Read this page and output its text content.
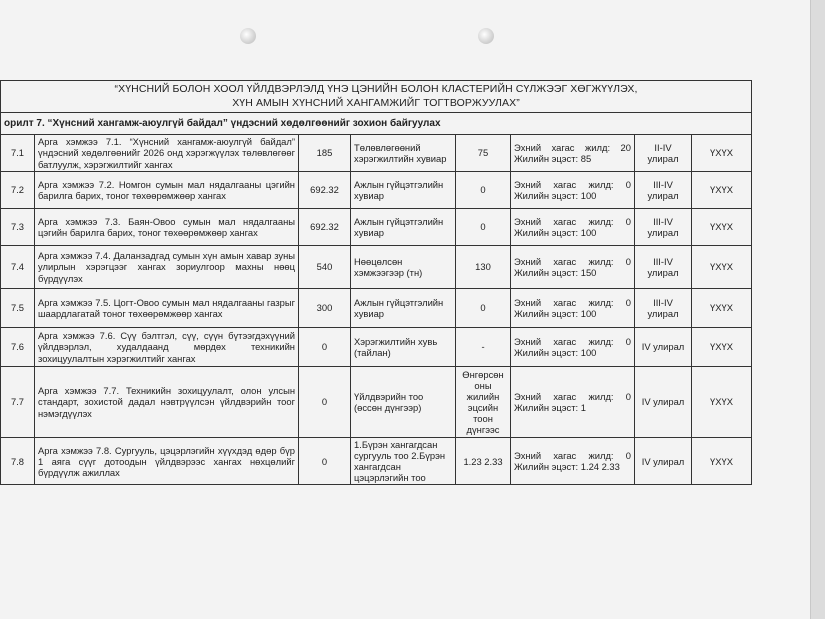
“ХҮНСНИЙ БОЛОН ХООЛ ҮЙЛДВЭРЛЭЛД ҮНЭ ЦЭНИЙН БОЛОН КЛАСТЕРИЙН СҮЛЖЭЭГ ХӨГЖҮҮЛЭХ,
ХҮН АМЫН ХҮНСНИЙ ХАНГАМЖИЙГ ТОГТВОРЖУУЛАХ”							

орилт 7. “Хүнсний хангамж-аюулгүй байдал” үндэсний хөдөлгөөнийг зохион байгуулах							
7.1	Арга хэмжээ 7.1. “Хүнсний хангамж-аюулгүй байдал” үндэсний хөдөлгөөнийг 2026 онд хэрэгжүүлэх төлөвлөгөөг батлуулж, хэрэгжилтийг хангах	185	Төлөвлөгөөний хэрэгжилтийн хувиар	75	Эхний хагас жилд: 20 Жилийн эцэст: 85	II-IV улирал	ҮХҮХ
7.2	Арга хэмжээ 7.2. Номгон сумын мал нядалгааны цэгийн барилга барих, тоног төхөөрөмжөөр хангах	692.32	Ажлын гүйцэтгэлийн хувиар	0	Эхний хагас жилд: 0 Жилийн эцэст: 100	III-IV улирал	ҮХҮХ
7.3	Арга хэмжээ 7.3. Баян-Овоо сумын мал нядалгааны цэгийн барилга барих, тоног төхөөрөмжөөр хангах	692.32	Ажлын гүйцэтгэлийн хувиар	0	Эхний хагас жилд: 0 Жилийн эцэст: 100	III-IV улирал	ҮХҮХ
7.4	Арга хэмжээ 7.4. Даланзадгад сумын хүн амын хавар зуны улирлын хэрэгцээг хангах зориулгоор махны нөөц бүрдүүлэх	540	Нөөцөлсөн хэмжээгээр (тн)	130	Эхний хагас жилд: 0 Жилийн эцэст: 150	III-IV улирал	ҮХҮХ
7.5	Арга хэмжээ 7.5. Цогт-Овоо сумын мал нядалгааны газрыг шаардлагатай тоног төхөөрөмжөөр хангах	300	Ажлын гүйцэтгэлийн хувиар	0	Эхний хагас жилд: 0 Жилийн эцэст: 100	III-IV улирал	ҮХҮХ
7.6	Арга хэмжээ 7.6. Сүү бэлтгэл, сүү, сүүн бүтээгдэхүүний үйлдвэрлэл, худалдаанд мөрдөх техникийн зохицуулалтын хэрэгжилтийг хангах	0	Хэрэгжилтийн хувь (тайлан)	-	Эхний хагас жилд: 0 Жилийн эцэст: 100	IV улирал	ҮХҮХ
7.7	Арга хэмжээ 7.7. Техникийн зохицуулалт, олон улсын стандарт, зохистой дадал нэвтрүүлсэн үйлдвэрийн тоог нэмэгдүүлэх	0	Үйлдвэрийн тоо (өссөн дүнгээр)	Өнгөрсөн оны жилийн эцсийн тоон дүнгээс	Эхний хагас жилд: 0 Жилийн эцэст: 1	IV улирал	ҮХҮХ
7.8	Арга хэмжээ 7.8. Сургууль, цэцэрлэгийн хүүхдэд өдөр бүр 1 аяга сүүг дотоодын үйлдвэрээс хангах нөхцөлийг бүрдүүлж ажиллах	0	1.Бүрэн хангагдсан сургууль тоо 2.Бүрэн хангагдсан цэцэрлэгийн тоо	1.23 2.33	Эхний хагас жилд: 0 Жилийн эцэст: 1.24 2.33	IV улирал	ҮХҮХ
